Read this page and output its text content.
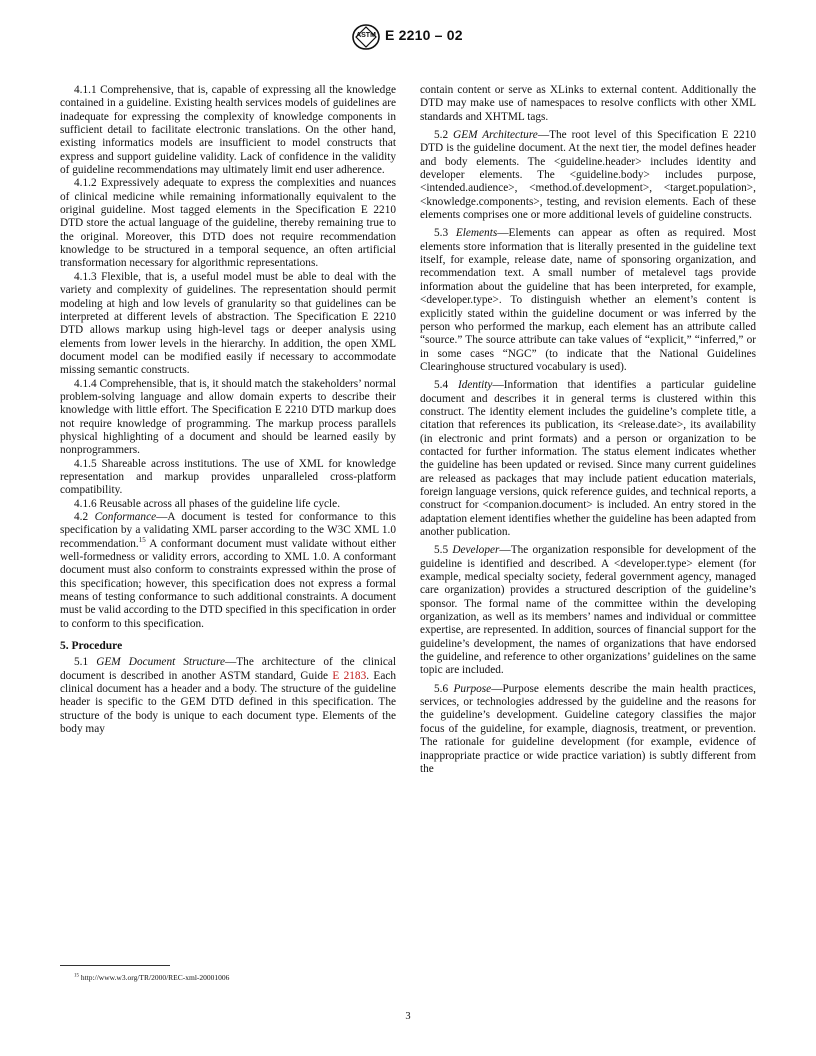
ASTM E 2210 – 02

4.1.1 Comprehensive, that is, capable of expressing all the knowledge contained in a guideline. Existing health services models of guidelines are inadequate for expressing the complexity of knowledge components in sufficient detail to facilitate electronic translations. On the other hand, existing informatics models are insufficient to model constructs that express and support guideline validity. Lack of confidence in the validity of guideline recommendations may ultimately limit end user adherence.

4.1.2 Expressively adequate to express the complexities and nuances of clinical medicine while remaining informationally equivalent to the original guideline. Most tagged elements in the Specification E 2210 DTD store the actual language of the guideline, thereby remaining true to the original. Moreover, this DTD does not require recommendation knowledge to be structured in a temporal sequence, an often artificial transformation necessary for algorithmic representations.

4.1.3 Flexible, that is, a useful model must be able to deal with the variety and complexity of guidelines. The representation should permit modeling at high and low levels of granularity so that guidelines can be interpreted at different levels of abstraction. The Specification E 2210 DTD allows markup using high-level tags or deeper analysis using elements from lower levels in the hierarchy. In addition, the open XML document model can be modified easily if necessary to accommodate missing semantic constructs.

4.1.4 Comprehensible, that is, it should match the stakeholders’ normal problem-solving language and allow domain experts to describe their knowledge with little effort. The Specification E 2210 DTD markup does not require knowledge of programming. The markup process parallels physical highlighting of a document and should be learned easily by nonprogrammers.

4.1.5 Shareable across institutions. The use of XML for knowledge representation and markup provides unparalleled cross-platform compatibility.

4.1.6 Reusable across all phases of the guideline life cycle.

4.2 Conformance—A document is tested for conformance to this specification by a validating XML parser according to the W3C XML 1.0 recommendation.$^{15}$ A conformant document must validate without either well-formedness or validity errors, according to XML 1.0. A conformant document must also conform to constraints expressed within the prose of this specification; however, this specification does not express a formal means of testing conformance to such additional constraints. A document must be valid according to the DTD specified in this specification in order to conform to this specification.

5. Procedure

5.1 GEM Document Structure—The architecture of the clinical document is described in another ASTM standard, Guide E 2183. Each clinical document has a header and a body. The structure of the guideline header is specific to the GEM DTD defined in this specification. The structure of the body is unique to each document type. Elements of the body may

contain content or serve as XLinks to external content. Additionally the DTD may make use of namespaces to resolve conflicts with other XML standards and XHTML tags.

5.2 GEM Architecture—The root level of this Specification E 2210 DTD is the guideline document. At the next tier, the model defines header and body elements. The <guideline.header> includes identity and developer elements. The <guideline.body> includes purpose, <intended.audience>, <method.of.development>, <target.population>, <knowledge.components>, testing, and revision elements. Each of these elements comprises one or more additional levels of guideline constructs.

5.3 Elements—Elements can appear as often as required. Most elements store information that is literally presented in the guideline text itself, for example, release date, name of sponsoring organization, and recommendation text. A small number of metalevel tags provide information about the guideline that has been interpreted, for example, <developer.type>. To distinguish whether an element’s content is explicitly stated within the guideline document or was inferred by the person who performed the markup, each element has an attribute called “source.” The source attribute can take values of “explicit,” “inferred,” or in some cases “NGC” (to indicate that the National Guidelines Clearinghouse structured vocabulary is used).

5.4 Identity—Information that identifies a particular guideline document and describes it in general terms is clustered within this construct. The identity element includes the guideline’s complete title, a citation that references its publication, its <release.date>, its availability (in electronic and print formats) and a person or organization to be contacted for further information. The status element indicates whether the guideline has been updated or revised. Since many current guidelines are released as packages that may include patient education materials, foreign language versions, quick reference guides, and technical reports, a construct for <companion.document> is included. An entry stored in the adaptation element identifies whether the guideline has been adapted from another publication.

5.5 Developer—The organization responsible for development of the guideline is identified and described. A <developer.type> element (for example, medical specialty society, federal government agency, managed care organization) provides a structured description of the guideline’s sponsor. The formal name of the committee within the developing organization, as well as its members’ names and individual or committee expertise, are represented. In addition, sources of financial support for the guideline’s development, the names of organizations that have endorsed the guideline, and reference to other organizations’ guidelines on the same topic are included.

5.6 Purpose—Purpose elements describe the main health practices, services, or technologies addressed by the guideline and the reasons for the guideline’s development. Guideline category classifies the major focus of the guideline, for example, diagnosis, treatment, or prevention. The rationale for guideline development (for example, evidence of inappropriate practice or wide practice variation) is subtly different from the

$^{15}$ http://www.w3.org/TR/2000/REC-xml-20001006
3
